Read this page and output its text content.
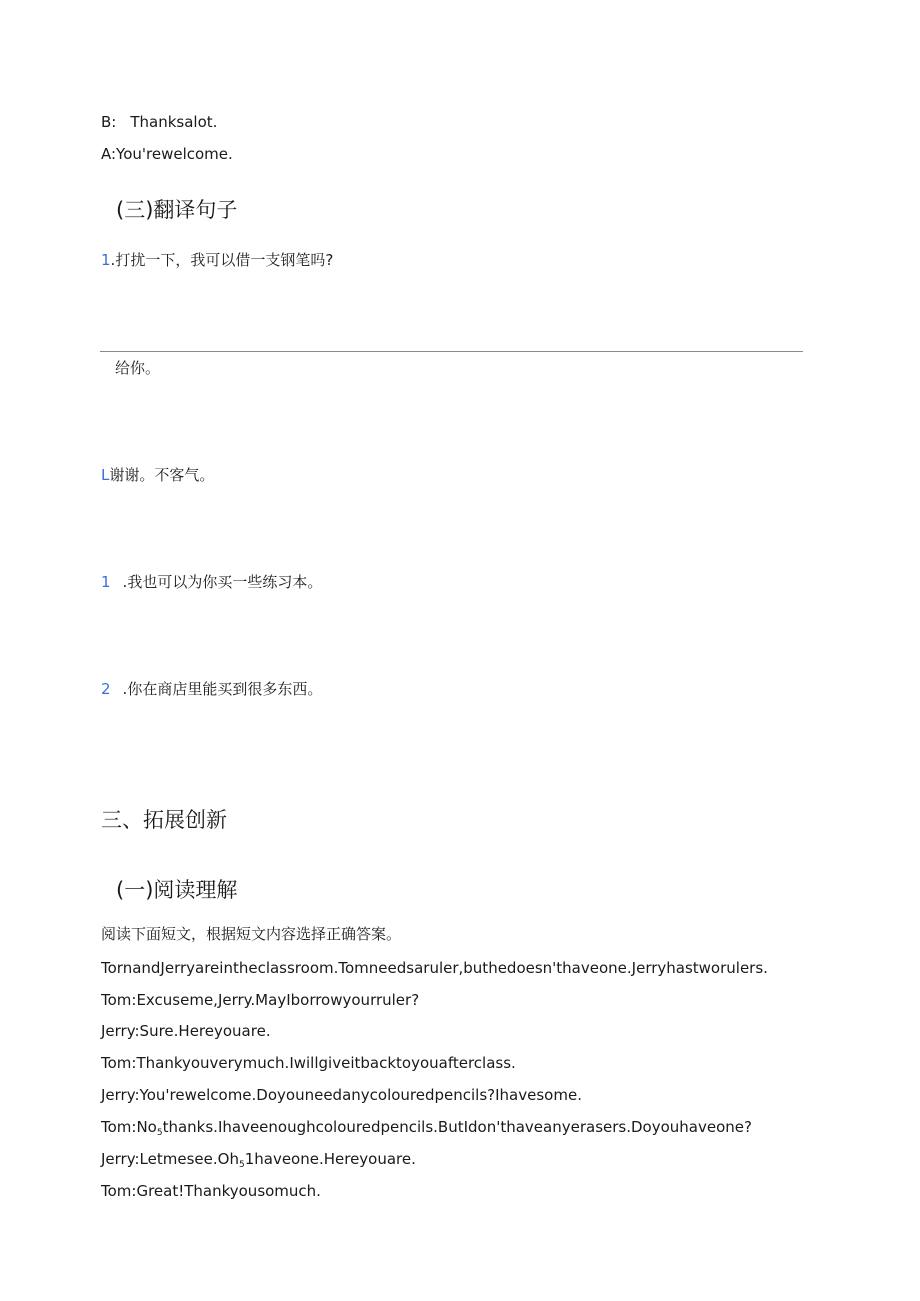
B: Thanksalot.
A:You'rewelcome.
(三)翻译句子
1.打扰一下，我可以借一支钢笔吗?
给你。
L谢谢。不客气。
1 .我也可以为你买一些练习本。
2 .你在商店里能买到很多东西。
三、拓展创新
(一)阅读理解
阅读下面短文，根据短文内容选择正确答案。
TornandJerryareintheclassroom.Tomneedsaruler,buthedoesn'thaveone.Jerryhastworulers.
Tom:Excuseme,Jerry.MayIborrowyourruler?
Jerry:Sure.Hereyouare.
Tom:Thankyouverymuch.Iwillgiveitbacktoyouafterclass.
Jerry:You'rewelcome.Doyouneedanycolouredpencils?Ihavesome.
$Tom:No_5thanks.Ihaveenoughcolouredpencils.ButIdon'thaveanyerasers.Doyouhaveone$?
$Jerry:Letmesee.Oh_51haveone.Hereyouare$.
Tom:Great!Thankyousomuch.
